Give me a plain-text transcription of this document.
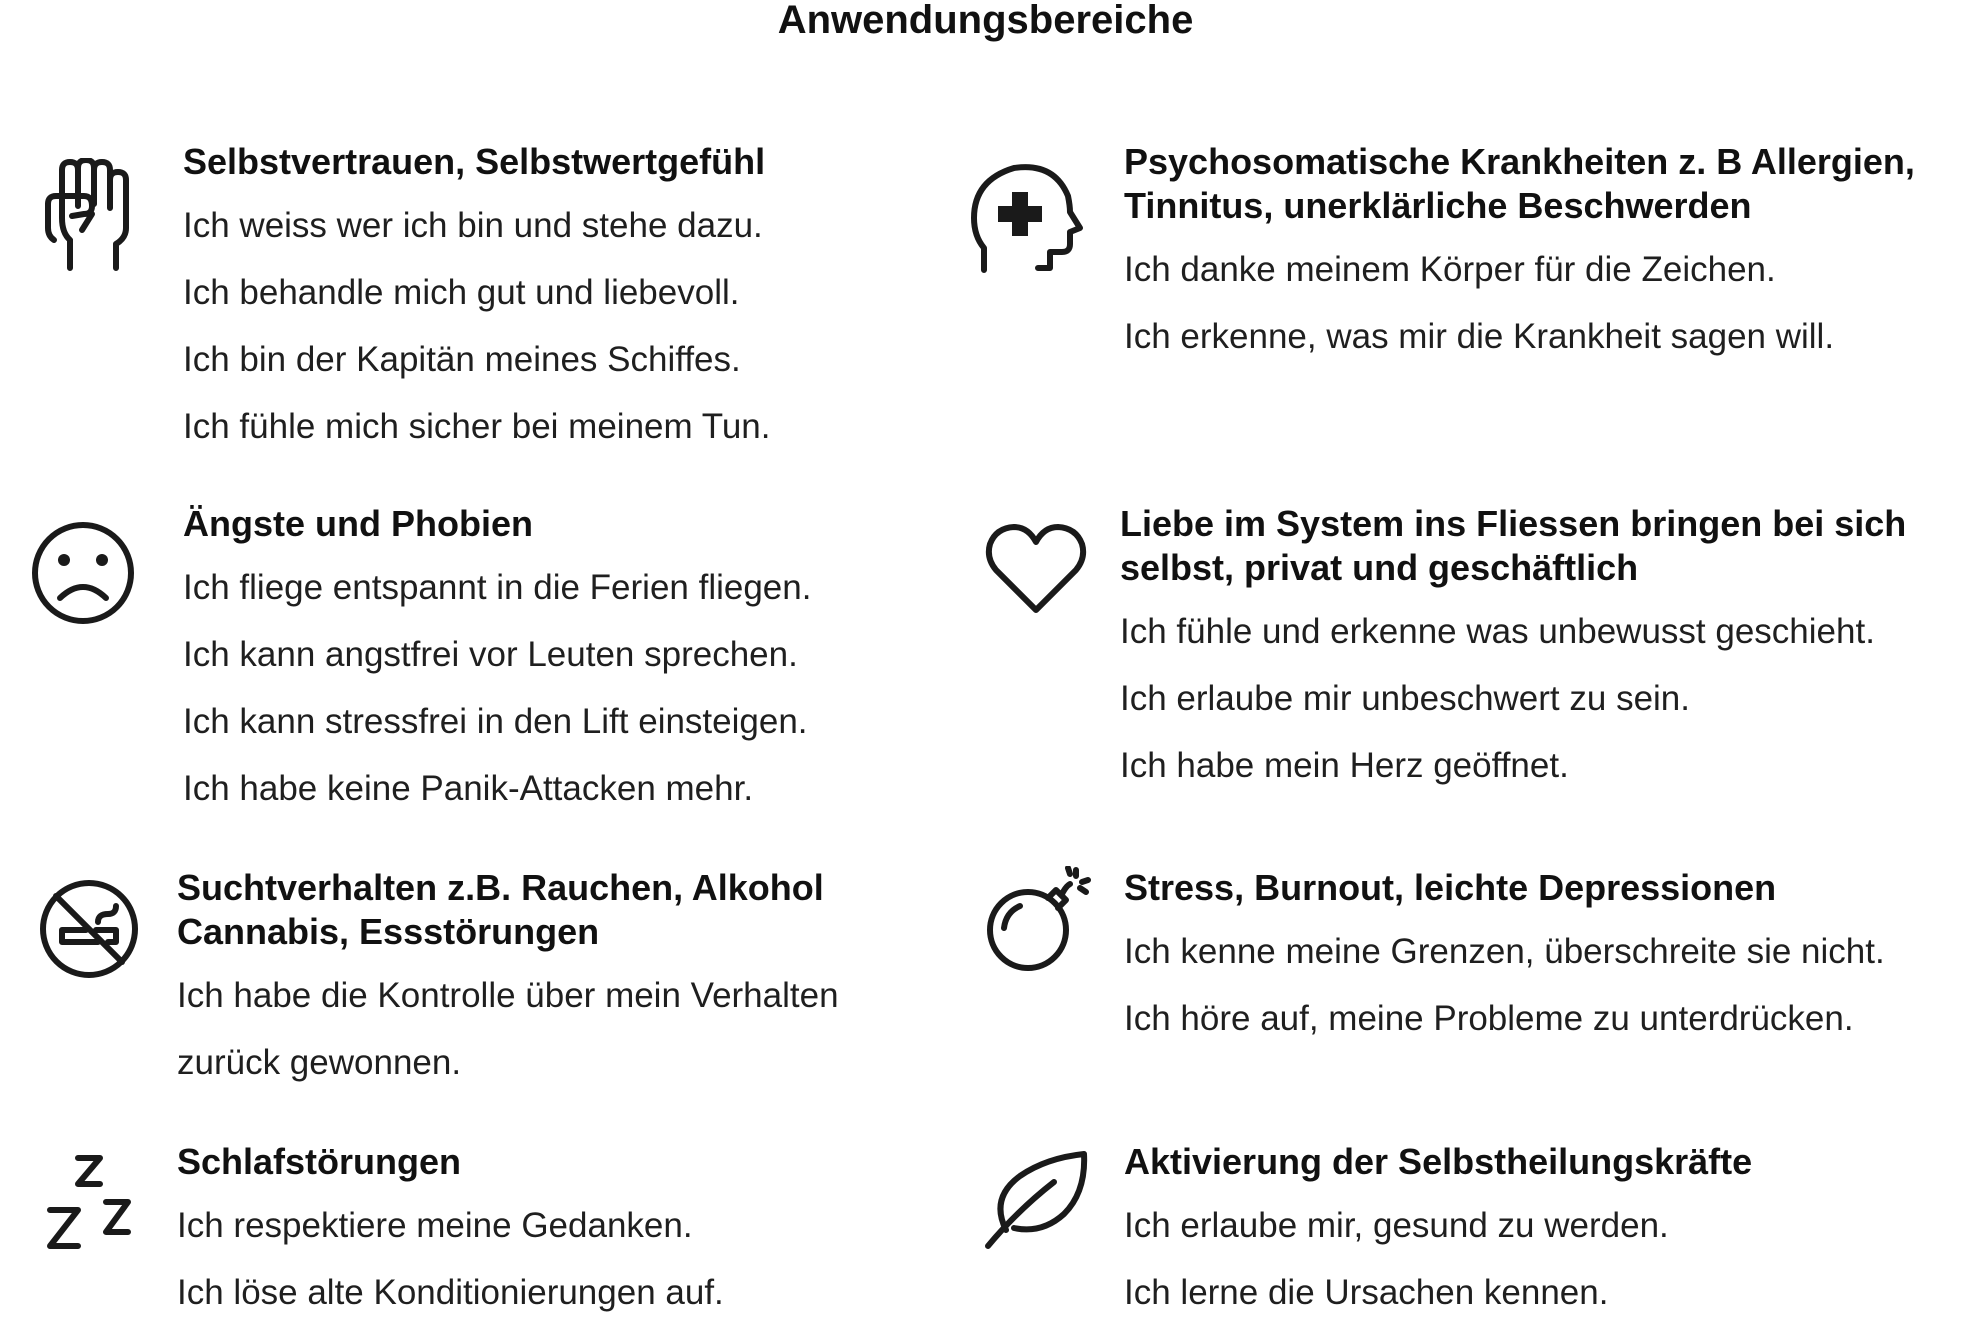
Anwendungsbereiche
Selbstvertrauen, Selbstwertgefühl
Ich weiss wer ich bin und stehe dazu.
Ich behandle mich gut und liebevoll.
Ich bin der Kapitän meines Schiffes.
Ich fühle mich sicher bei meinem Tun.
Psychosomatische Krankheiten z. B Allergien,
Tinnitus, unerklärliche Beschwerden
Ich danke meinem Körper für die Zeichen.
Ich erkenne, was mir die Krankheit sagen will.
Ängste und Phobien
Ich fliege entspannt in die Ferien fliegen.
Ich kann angstfrei vor Leuten sprechen.
Ich kann stressfrei in den Lift einsteigen.
Ich habe keine Panik-Attacken mehr.
Liebe im System ins Fliessen bringen bei sich
selbst, privat und geschäftlich
Ich fühle und erkenne was unbewusst geschieht.
Ich erlaube mir unbeschwert zu sein.
Ich habe mein Herz geöffnet.
Suchtverhalten z.B. Rauchen, Alkohol
Cannabis, Essstörungen
Ich habe die Kontrolle über mein Verhalten
zurück gewonnen.
Stress, Burnout, leichte Depressionen
Ich kenne meine Grenzen, überschreite sie nicht.
Ich höre auf, meine Probleme zu unterdrücken.
Schlafstörungen
Ich respektiere meine Gedanken.
Ich löse alte Konditionierungen auf.
Aktivierung der Selbstheilungskräfte
Ich erlaube mir, gesund zu werden.
Ich lerne die Ursachen kennen.
